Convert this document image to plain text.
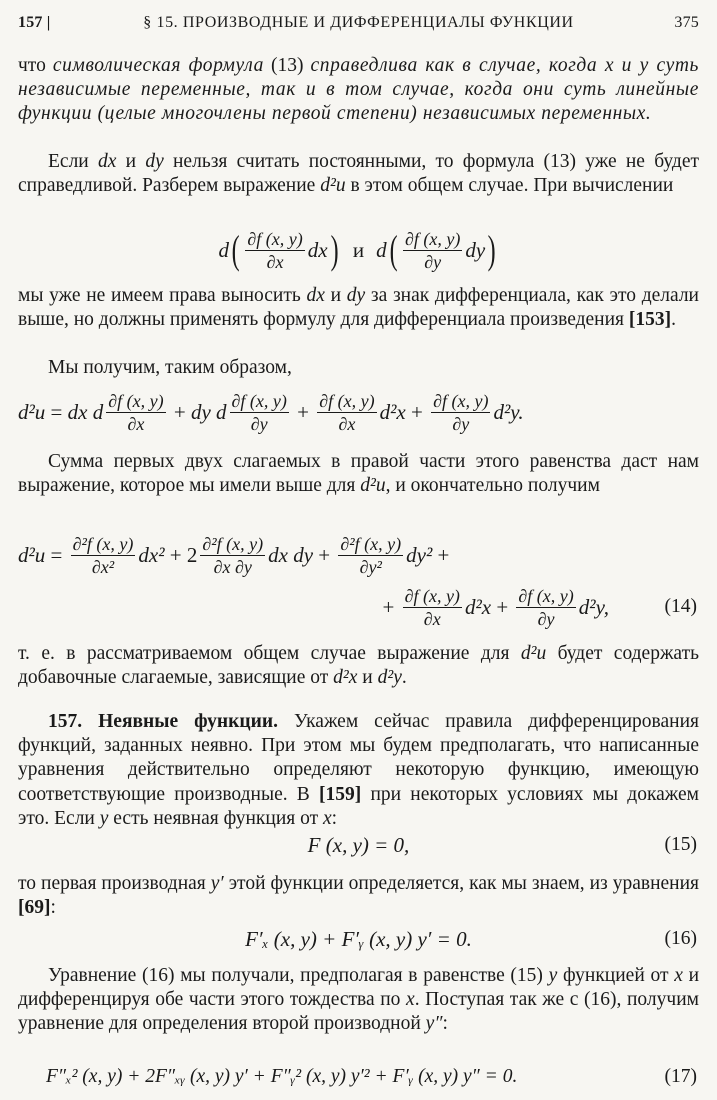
157 |	§ 15. ПРОИЗВОДНЫЕ И ДИФФЕРЕНЦИАЛЫ ФУНКЦИИ	375

что символическая формула (13) справедлива как в случае, когда x и y суть независимые переменные, так и в том случае, когда они суть линейные функции (целые многочлены первой степени) независимых переменных.

Если dx и dy нельзя считать постоянными, то формула (13) уже не будет справедливой. Разберем выражение d²u в этом общем случае. При вычислении

d ( $\frac{\partial f (x, y)}{\partial x}$ dx ) и d ( $\frac{\partial f (x, y)}{\partial y}$ dy )

мы уже не имеем права выносить dx и dy за знак дифференциала, как это делали выше, но должны применять формулу для дифференциала произведения [153].

Мы получим, таким образом,

d²u = dx d $\frac{\partial f (x, y)}{\partial x}$ + dy d $\frac{\partial f (x, y)}{\partial y} + \frac{\partial f (x, y)}{\partial x} d^2x + \frac{\partial f (x, y)}{\partial y} d^2y$.

Сумма первых двух слагаемых в правой части этого равенства даст нам выражение, которое мы имели выше для d²u, и окончательно получим

$d^2u = \frac{\text{∂²f (x, y)}}{\text{∂x²}} dx^2 + 2 \frac{\text{∂²f (x, y)}}{\partial x \partial y}$ dx dy + $\frac{\text{∂²f (x, y)}}{\text{∂y²}} dy^2$ +
+ $\frac{\partial f (x, y)}{\partial x} d^2x + \frac{\partial f (x, y)}{\partial y} d^2y$,	(14)

т. е. в рассматриваемом общем случае выражение для d²u будет содержать добавочные слагаемые, зависящие от d²x и d²y.

157. Неявные функции. Укажем сейчас правила дифференцирования функций, заданных неявно. При этом мы будем предполагать, что написанные уравнения действительно определяют некоторую функцию, имеющую соответствующие производные. В [159] при некоторых условиях мы докажем это. Если y есть неявная функция от x:

F (x, y) = 0,	(15)

то первая производная y′ этой функции определяется, как мы знаем, из уравнения [69]:

F′ₓ (x, y) + F′ᵧ (x, y) y′ = 0.	(16)

Уравнение (16) мы получали, предполагая в равенстве (15) y функцией от x и дифференцируя обе части этого тождества по x. Поступая так же с (16), получим уравнение для определения второй производной y″:

F″ₓ² (x, y) + 2F″ₓᵧ (x, y) y′ + F″ᵧ² (x, y) y′² + F′ᵧ (x, y) y″ = 0.	(17)
